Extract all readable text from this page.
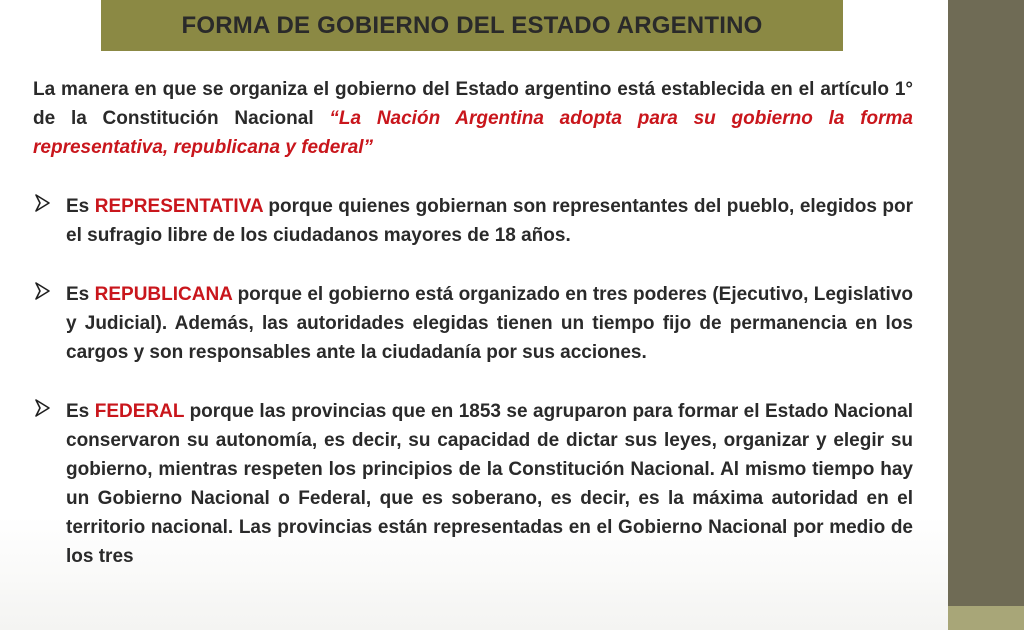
FORMA DE GOBIERNO DEL ESTADO ARGENTINO

La manera en que se organiza el gobierno del Estado argentino está establecida en el artículo 1° de la Constitución Nacional “La Nación Argentina adopta para su gobierno la forma representativa, republicana y federal”

Es REPRESENTATIVA porque quienes gobiernan son representantes del pueblo, elegidos por el sufragio libre de los ciudadanos mayores de 18 años.
Es REPUBLICANA porque el gobierno está organizado en tres poderes (Ejecutivo, Legislativo y Judicial). Además, las autoridades elegidas tienen un tiempo fijo de permanencia en los cargos y son responsables ante la ciudadanía por sus acciones.
Es FEDERAL porque las provincias que en 1853 se agruparon para formar el Estado Nacional conservaron su autonomía, es decir, su capacidad de dictar sus leyes, organizar y elegir su gobierno, mientras respeten los principios de la Constitución Nacional. Al mismo tiempo hay un Gobierno Nacional o Federal, que es soberano, es decir, es la máxima autoridad en el territorio nacional. Las provincias están representadas en el Gobierno Nacional por medio de los tres
